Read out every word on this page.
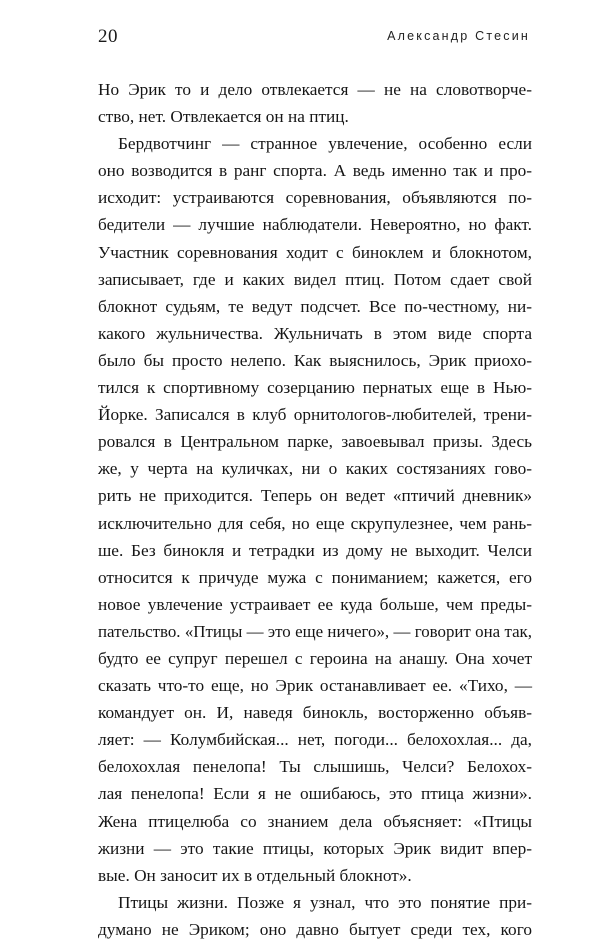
20	Александр Стесин
Но Эрик то и дело отвлекается — не на словотворче-
ство, нет. Отвлекается он на птиц.
Бердвотчинг — странное увлечение, особенно если
оно возводится в ранг спорта. А ведь именно так и про-
исходит: устраиваются соревнования, объявляются по-
бедители — лучшие наблюдатели. Невероятно, но факт.
Участник соревнования ходит с биноклем и блокнотом,
записывает, где и каких видел птиц. Потом сдает свой
блокнот судьям, те ведут подсчет. Все по-честному, ни-
какого жульничества. Жульничать в этом виде спорта
было бы просто нелепо. Как выяснилось, Эрик приохо-
тился к спортивному созерцанию пернатых еще в Нью-
Йорке. Записался в клуб орнитологов-любителей, трени-
ровался в Центральном парке, завоевывал призы. Здесь
же, у черта на куличках, ни о каких состязаниях гово-
рить не приходится. Теперь он ведет «птичий дневник»
исключительно для себя, но еще скрупулезнее, чем рань-
ше. Без бинокля и тетрадки из дому не выходит. Челси
относится к причуде мужа с пониманием; кажется, его
новое увлечение устраивает ее куда больше, чем преды-
пательство. «Птицы — это еще ничего», — говорит она так,
будто ее супруг перешел с героина на анашу. Она хочет
сказать что-то еще, но Эрик останавливает ее. «Тихо, —
командует он. И, наведя бинокль, восторженно объяв-
ляет: — Колумбийская... нет, погоди... белохохлая... да,
белохохлая пенелопа! Ты слышишь, Челси? Белохох-
лая пенелопа! Если я не ошибаюсь, это птица жизни».
Жена птицелюба со знанием дела объясняет: «Птицы
жизни — это такие птицы, которых Эрик видит впер-
вые. Он заносит их в отдельный блокнот».
Птицы жизни. Позже я узнал, что это понятие при-
думано не Эриком; оно давно бытует среди тех, кого
